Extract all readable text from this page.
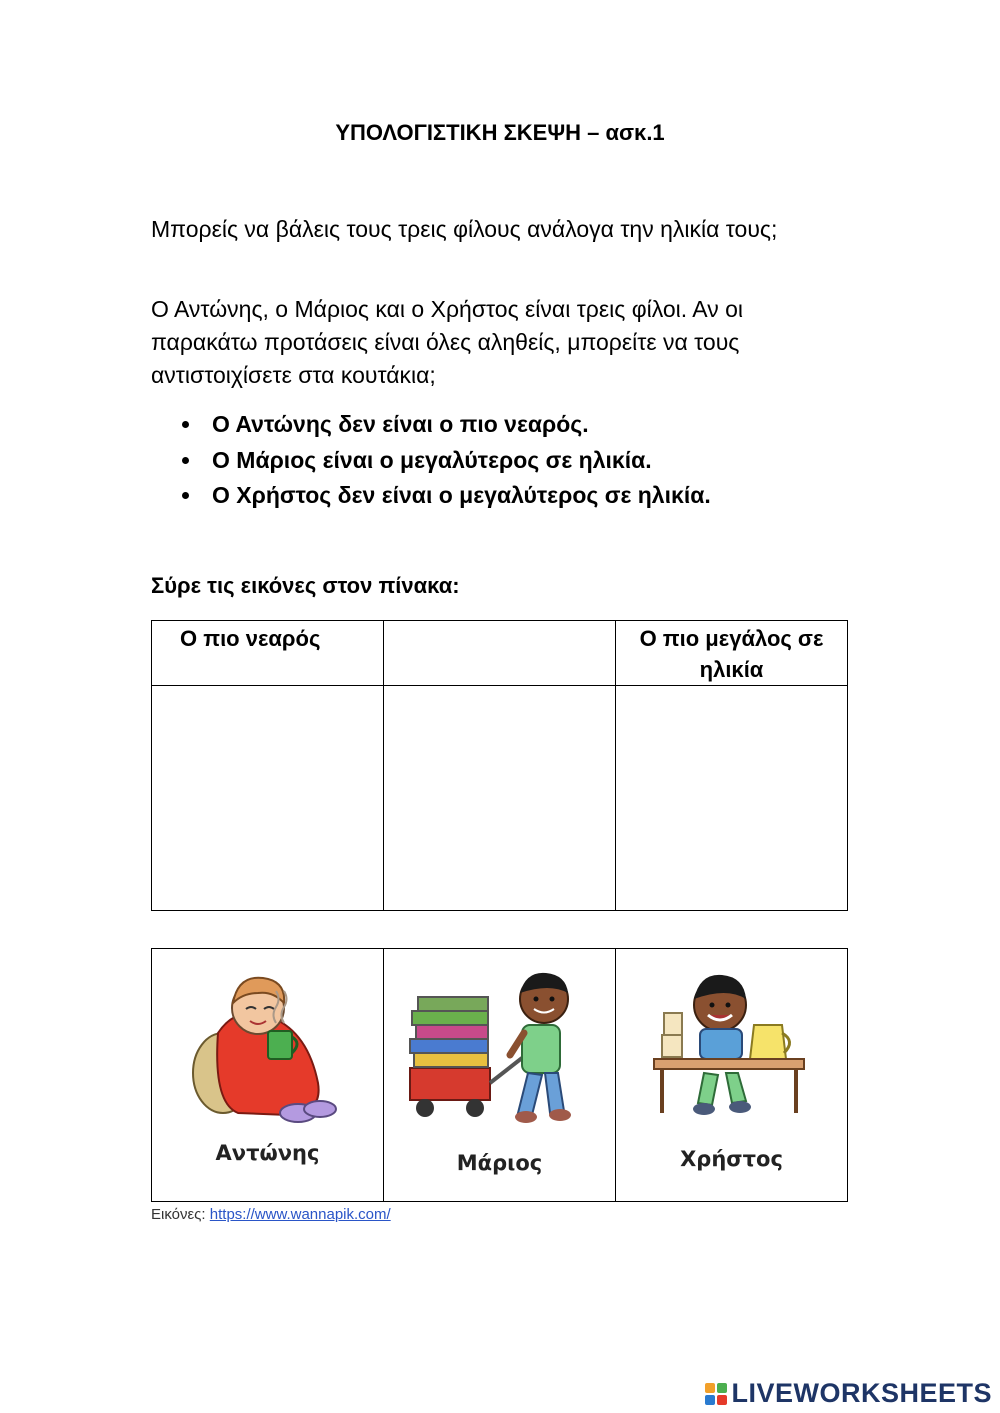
ΥΠΟΛΟΓΙΣΤΙΚΗ ΣΚΕΨΗ – ασκ.1
Μπορείς να βάλεις τους τρεις φίλους ανάλογα την ηλικία τους;
Ο Αντώνης, ο Μάριος και ο Χρήστος είναι τρεις φίλοι. Αν οι παρακάτω προτάσεις είναι όλες αληθείς, μπορείτε να τους αντιστοιχίσετε στα κουτάκια;
Ο Αντώνης δεν είναι ο πιο νεαρός.
Ο Μάριος είναι ο μεγαλύτερος σε ηλικία.
Ο Χρήστος δεν είναι ο μεγαλύτερος σε ηλικία.
Σύρε τις εικόνες στον πίνακα:
Ο πιο νεαρός		Ο πιο μεγάλος σε ηλικία

Αντώνης	Μάριος	Χρήστος
Εικόνες: https://www.wannapik.com/
LIVEWORKSHEETS
